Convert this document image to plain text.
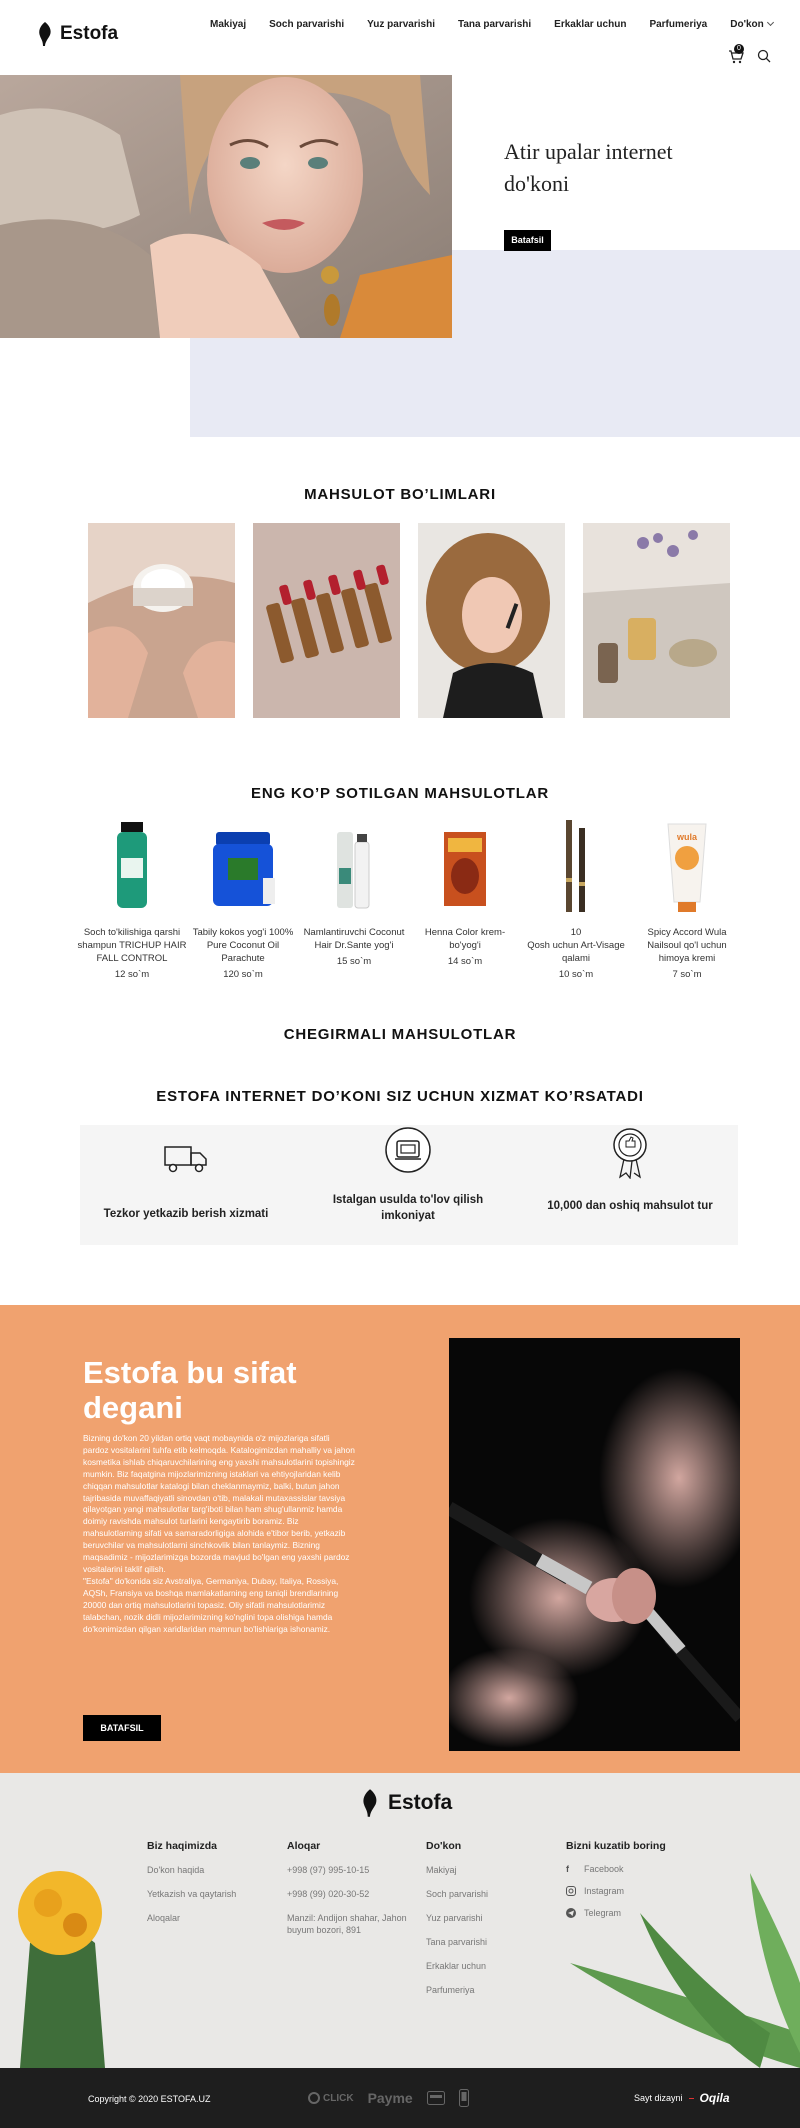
Estofa	Makiyaj Soch parvarishi Yuz parvarishi Tana parvarishi Erkaklar uchun Parfumeriya Do'kon
0
Atir upalar internet do'koni
Batafsil
MAHSULOT BO’LIMLARI
ENG KO’P SOTILGAN MAHSULOTLAR
Soch to'kilishiga qarshi shampun TRICHUP HAIR FALL CONTROL
12 so`m
Tabily kokos yog'i 100% Pure Coconut Oil Parachute
120 so`m
Namlantiruvchi Coconut Hair Dr.Sante yog'i
15 so`m
Henna Color krem-bo'yog'i
14 so`m
10
Qosh uchun Art-Visage qalami
10 so`m
wula
Spicy Accord Wula Nailsoul qo'l uchun himoya kremi
7 so`m
CHEGIRMALI MAHSULOTLAR
ESTOFA INTERNET DO’KONI SIZ UCHUN XIZMAT KO’RSATADI
Tezkor yetkazib berish xizmati
Istalgan usulda to'lov qilish imkoniyat
10,000 dan oshiq mahsulot tur
Estofa bu sifat degani
Bizning do'kon 20 yildan ortiq vaqt mobaynida o'z mijozlariga sifatli pardoz vositalarini tuhfa etib kelmoqda. Katalogimizdan mahalliy va jahon kosmetika ishlab chiqaruvchilarining eng yaxshi mahsulotlarini topishingiz mumkin. Biz faqatgina mijozlarimizning istaklari va ehtiyojlaridan kelib chiqqan mahsulotlar katalogi bilan cheklanmaymiz, balki, butun jahon tajribasida muvaffaqiyatli sinovdan o'tib, malakali mutaxassislar tavsiya qilayotgan yangi mahsulotlar targ'iboti bilan ham shug'ullanmiz hamda doimiy ravishda mahsulot turlarini kengaytirib boramiz. Biz mahsulotlarning sifati va samaradorligiga alohida e'tibor berib, yetkazib beruvchilar va mahsulotlarni sinchkovlik bilan tanlaymiz. Bizning maqsadimiz - mijozlarimizga bozorda mavjud bo'lgan eng yaxshi pardoz vositalarini taklif qilish.
"Estofa" do'konida siz Avstraliya, Germaniya, Dubay, Italiya, Rossiya, AQSh, Fransiya va boshqa mamlakatlarning eng taniqli brendlarining 20000 dan ortiq mahsulotlarini topasiz. Oliy sifatli mahsulotlarimiz talabchan, nozik didli mijozlarimizning ko'nglini topa olishiga hamda do'konimizdan qilgan xaridlaridan mamnun bo'lishlariga ishonamiz.
BATAFSIL
Estofa
Biz haqimizda
Do'kon haqida
Yetkazish va qaytarish
Aloqalar
Aloqar
+998 (97) 995-10-15
+998 (99) 020-30-52
Manzil: Andijon shahar, Jahon buyum bozori, 891
Do'kon
Makiyaj
Soch parvarishi
Yuz parvarishi
Tana parvarishi
Erkaklar uchun
Parfumeriya
Bizni kuzatib boring
f	Facebook
Instagram
Telegram
Copyright © 2020 ESTOFA.UZ	CLICK Payme	Sayt dizayni Oqila
